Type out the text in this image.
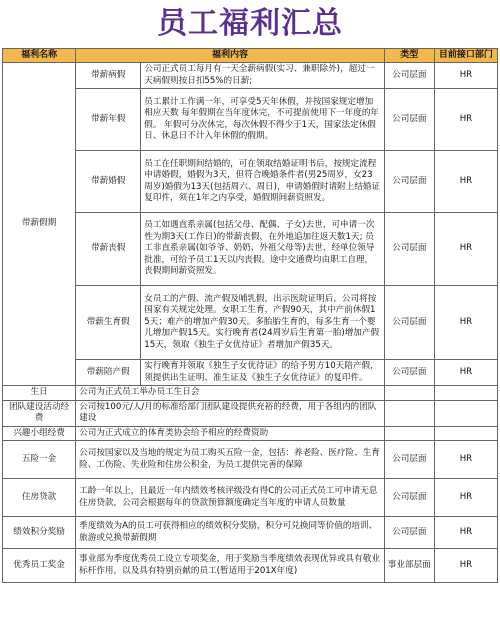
员工福利汇总
福利名称	福利内容		类型	目前接口部门
带薪假期	带薪病假	公司正式员工每月有一天全薪病假(实习、兼职除外)，超过一天病假则按日扣55%的日薪;	公司层面	HR
	带薪年假	员工累计工作满一年，可享受5天年休假，并按国家规定增加相应天数 每年假期在当年度休完，不可提前使用下一年度的年假。 年假可分次休完，每次休假不得少于1天，国家法定休假日、休息日不计入年休假的假期。	公司层面	HR
	带薪婚假	员工在任职期间结婚的，可在领取结婚证明书后，按规定流程申请婚假，婚假为3天，但符合晚婚条件者(男25周岁，女23周岁)婚假为13天(包括周六、周日)，申请婚假时请附上结婚证复印件，须在1年之内享受，婚假期间薪资照发。	公司层面	HR
	带薪丧假	员工如遇直系亲属(包括父母、配偶、子女)去世，可申请一次性为期3天(工作日)的带薪丧假，在外地追加往返天数1天; 员工非直系亲属(如爷爷、奶奶、外祖父母等)去世，经单位领导批准，可给予员工1天以内丧假。途中交通费均由职工自理，丧假期间薪资照发。	公司层面	HR
	带薪生育假	女员工的产假、流产假及哺乳假，出示医院证明后，公司将按国家有关规定处理。女职工生育，产假90天，其中产前休假15天；难产的增加产假30天。多胎胎生育的，每多生育一个婴儿增加产假15天。实行晚育者(24周岁后生育第一胎)增加产假15天，领取《独生子女优待证》者增加产假35天。	公司层面	HR
	带薪陪产假	实行晚育并领取《独生子女优待证》的给予男方10天陪产假，须提供出生证明、准生证及《独生子女优待证》的复印件。	公司层面	HR
生日	公司为正式员工举办员工生日会			
团队建设活动经费	公司按100元/人/月的标准给部门团队建设提供充裕的经费，用于各组内的团队建设			
兴趣小组经费	公司为正式成立的体育类协会给予相应的经费资助			
五险一金	公司按国家以及当地的规定为员工购买五险一金，包括：养老险、医疗险、生育险、工伤险、失业险和住房公积金，为员工提供完善的保障		公司层面	HR
住房贷款	工龄一年以上，且最近一年内绩效考核评级没有得C的公司正式员工可申请无息住房贷款，公司会根据每年的贷款预算额度确定当年度的申请人员数量		公司层面	HR
绩效积分奖励	季度绩效为A的员工可获得相应的绩效积分奖励，积分可兑换同等价值的培训、旅游或兑换带薪假期		公司层面	HR
优秀员工奖金	事业部为季度优秀员工设立专项奖金，用于奖励当季度绩效表现优异或具有敬业标杆作用，以及具有特别贡献的员工(暂适用于201X年度)		事业部层面	HR
